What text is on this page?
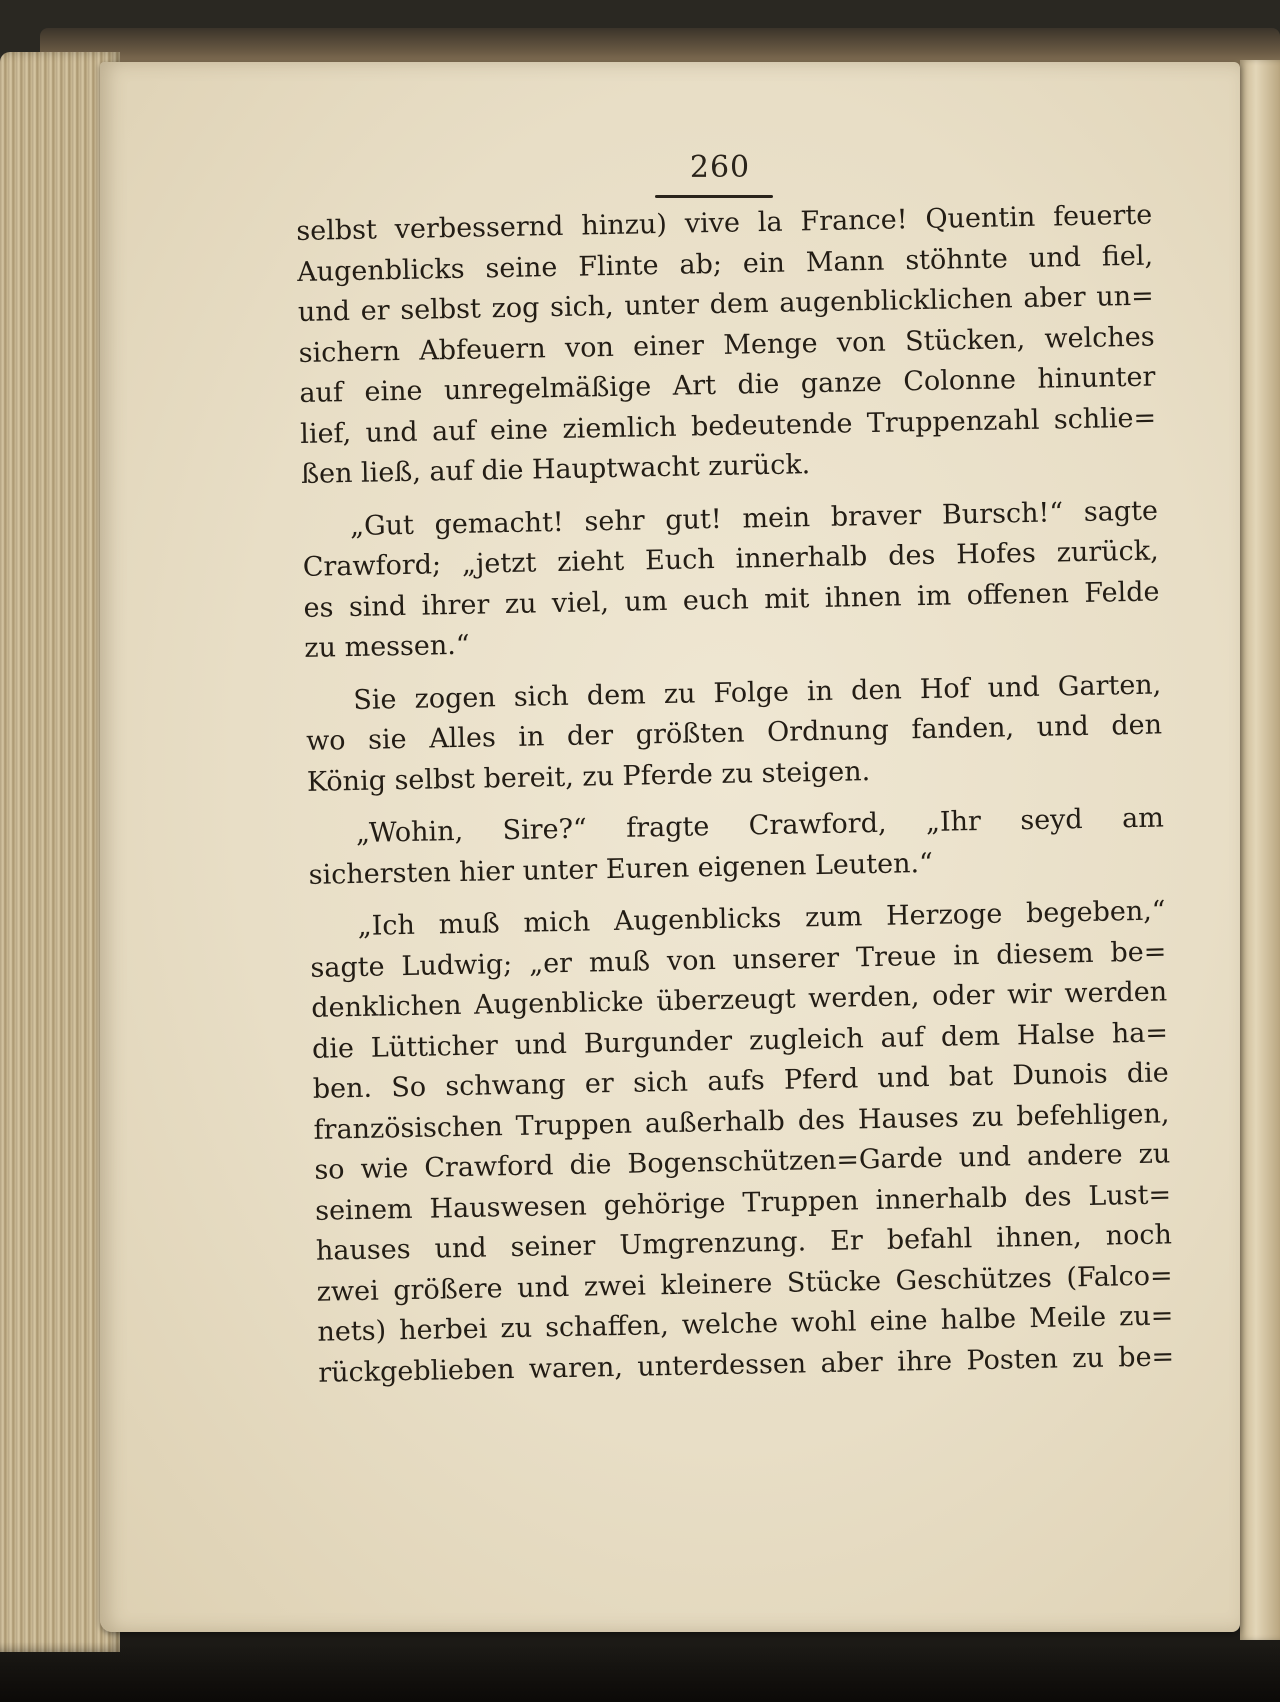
260
selbst verbessernd hinzu) vive la France! Quentin feuerte
Augenblicks seine Flinte ab; ein Mann stöhnte und fiel,
und er selbst zog sich, unter dem augenblicklichen aber un=
sichern Abfeuern von einer Menge von Stücken, welches
auf eine unregelmäßige Art die ganze Colonne hinunter
lief, und auf eine ziemlich bedeutende Truppenzahl schlie=
ßen ließ, auf die Hauptwacht zurück.
„Gut gemacht! sehr gut! mein braver Bursch!“ sagte
Crawford; „jetzt zieht Euch innerhalb des Hofes zurück,
es sind ihrer zu viel, um euch mit ihnen im offenen Felde
zu messen.“
Sie zogen sich dem zu Folge in den Hof und Garten,
wo sie Alles in der größten Ordnung fanden, und den
König selbst bereit, zu Pferde zu steigen.
„Wohin, Sire?“ fragte Crawford, „Ihr seyd am
sichersten hier unter Euren eigenen Leuten.“
„Ich muß mich Augenblicks zum Herzoge begeben,“
sagte Ludwig; „er muß von unserer Treue in diesem be=
denklichen Augenblicke überzeugt werden, oder wir werden
die Lütticher und Burgunder zugleich auf dem Halse ha=
ben. So schwang er sich aufs Pferd und bat Dunois die
französischen Truppen außerhalb des Hauses zu befehligen,
so wie Crawford die Bogenschützen=Garde und andere zu
seinem Hauswesen gehörige Truppen innerhalb des Lust=
hauses und seiner Umgrenzung. Er befahl ihnen, noch
zwei größere und zwei kleinere Stücke Geschützes (Falco=
nets) herbei zu schaffen, welche wohl eine halbe Meile zu=
rückgeblieben waren, unterdessen aber ihre Posten zu be=
